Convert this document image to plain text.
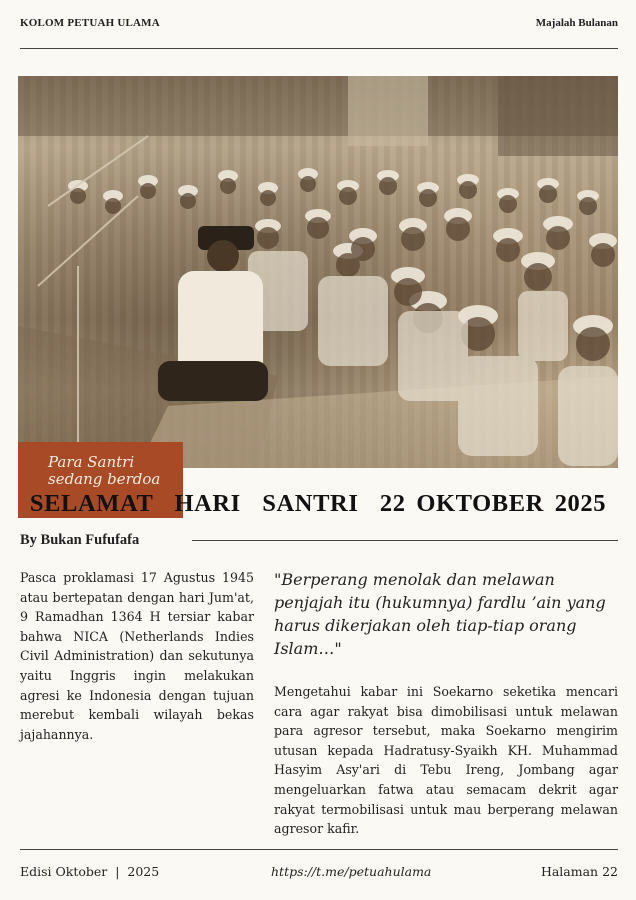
KOLOM PETUAH ULAMA	Majalah Bulanan
Para Santri
sedang berdoa
SELAMAT  HARI  SANTRI  22 OKTOBER 2025
By Bukan Fufufafa
Pasca proklamasi 17 Agustus 1945 atau bertepatan dengan hari Jum'at, 9 Ramadhan 1364 H tersiar kabar bahwa NICA (Netherlands Indies Civil Administration) dan sekutunya yaitu Inggris ingin melakukan agresi ke Indonesia dengan tujuan merebut kembali wilayah bekas jajahannya.
"Berperang menolak dan melawan penjajah itu (hukumnya) fardlu ’ain yang harus dikerjakan oleh tiap-tiap orang Islam…"
Mengetahui kabar ini Soekarno seketika mencari cara agar rakyat bisa dimobilisasi untuk melawan para agresor tersebut, maka Soekarno mengirim utusan kepada Hadratusy-Syaikh KH. Muhammad Hasyim Asy'ari di Tebu Ireng, Jombang agar mengeluarkan fatwa atau semacam dekrit agar rakyat termobilisasi untuk mau berperang melawan agresor kafir.
Edisi Oktober  |  2025	https://t.me/petuahulama	Halaman 22
